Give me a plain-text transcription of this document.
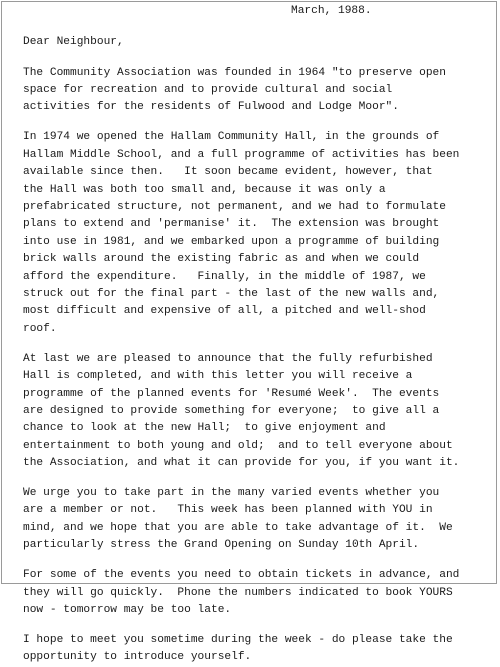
March, 1988.
Dear Neighbour,
The Community Association was founded in 1964 "to preserve open
space for recreation and to provide cultural and social
activities for the residents of Fulwood and Lodge Moor".
In 1974 we opened the Hallam Community Hall, in the grounds of
Hallam Middle School, and a full programme of activities has been
available since then.   It soon became evident, however, that
the Hall was both too small and, because it was only a
prefabricated structure, not permanent, and we had to formulate
plans to extend and 'permanise' it.  The extension was brought
into use in 1981, and we embarked upon a programme of building
brick walls around the existing fabric as and when we could
afford the expenditure.   Finally, in the middle of 1987, we
struck out for the final part - the last of the new walls and,
most difficult and expensive of all, a pitched and well-shod
roof.
At last we are pleased to announce that the fully refurbished
Hall is completed, and with this letter you will receive a
programme of the planned events for 'Resumé Week'.  The events
are designed to provide something for everyone;  to give all a
chance to look at the new Hall;  to give enjoyment and
entertainment to both young and old;  and to tell everyone about
the Association, and what it can provide for you, if you want it.
We urge you to take part in the many varied events whether you
are a member or not.   This week has been planned with YOU in
mind, and we hope that you are able to take advantage of it.  We
particularly stress the Grand Opening on Sunday 10th April.
For some of the events you need to obtain tickets in advance, and
they will go quickly.  Phone the numbers indicated to book YOURS
now - tomorrow may be too late.
I hope to meet you sometime during the week - do please take the
opportunity to introduce yourself.
